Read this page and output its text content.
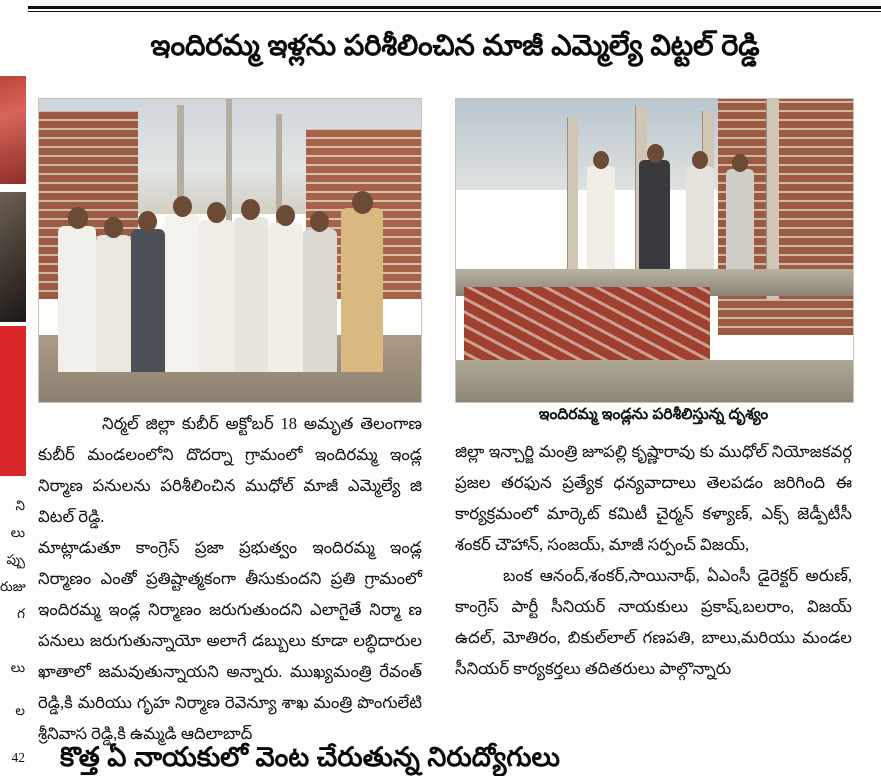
ని
లు
ప్పు
రుజు
గ
లు
ల
42
ఇందిరమ్మ ఇళ్లను పరిశీలించిన మాజీ ఎమ్మెల్యే విట్టల్ రెడ్డి
ఇందిరమ్మ ఇండ్లను పరిశీలిస్తున్న దృశ్యం

నిర్మల్ జిల్లా కుబీర్ అక్టోబర్ 18 అమృత తెలంగాణ కుబీర్ మండలంలోని దొదర్నా గ్రామంలో ఇందిరమ్మ ఇండ్ల నిర్మాణ పనులను పరిశీలించిన ముధోల్ మాజీ ఎమ్మెల్యే జి విటల్ రెడ్డి.

మాట్లాడుతూ కాంగ్రెస్ ప్రజా ప్రభుత్వం ఇందిరమ్మ ఇండ్ల నిర్మాణం ఎంతో ప్రతిష్టాత్మకంగా తీసుకుందని ప్రతి గ్రామంలో ఇందిరమ్మ ఇండ్ల నిర్మాణం జరుగుతుందని ఎలాగైతే నిర్మా ణ పనులు జరుగుతున్నాయో అలాగే డబ్బులు కూడా లబ్ధిదారుల ఖాతాలో జమవుతున్నాయని అన్నారు. ముఖ్యమంత్రి రేవంత్ రెడ్డి,కి మరియు గృహ నిర్మాణ రెవెన్యూ శాఖ మంత్రి పొంగులేటి శ్రీనివాస రెడ్డి,కి ఉమ్మడి ఆదిలాబాద్

జిల్లా ఇన్చార్జి మంత్రి జూపల్లి కృష్ణారావు కు ముధోల్ నియోజకవర్గ ప్రజల తరఫున ప్రత్యేక ధన్యవాదాలు తెలపడం జరిగింది ఈ కార్యక్రమంలో మార్కెట్ కమిటీ చైర్మన్ కళ్యాణ్, ఎక్స్ జెడ్పీటీసీ శంకర్ చౌహాన్, సంజయ్, మాజీ సర్పంచ్ విజయ్,

బంక ఆనంద్,శంకర్,సాయినాథ్, ఏఎంసీ డైరెక్టర్ అరుణ్, కాంగ్రెస్ పార్టీ సీనియర్ నాయకులు ప్రకాష్,బలరాం, విజయ్ ఉదల్, మోతిరం, బికుల్‌లాల్ గణపతి, బాలు,మరియు మండల సీనియర్ కార్యకర్తలు తదితరులు పాల్గొన్నారు

కొత్త ఏ నాయకులో వెంట చేరుతున్న నిరుద్యోగులు
